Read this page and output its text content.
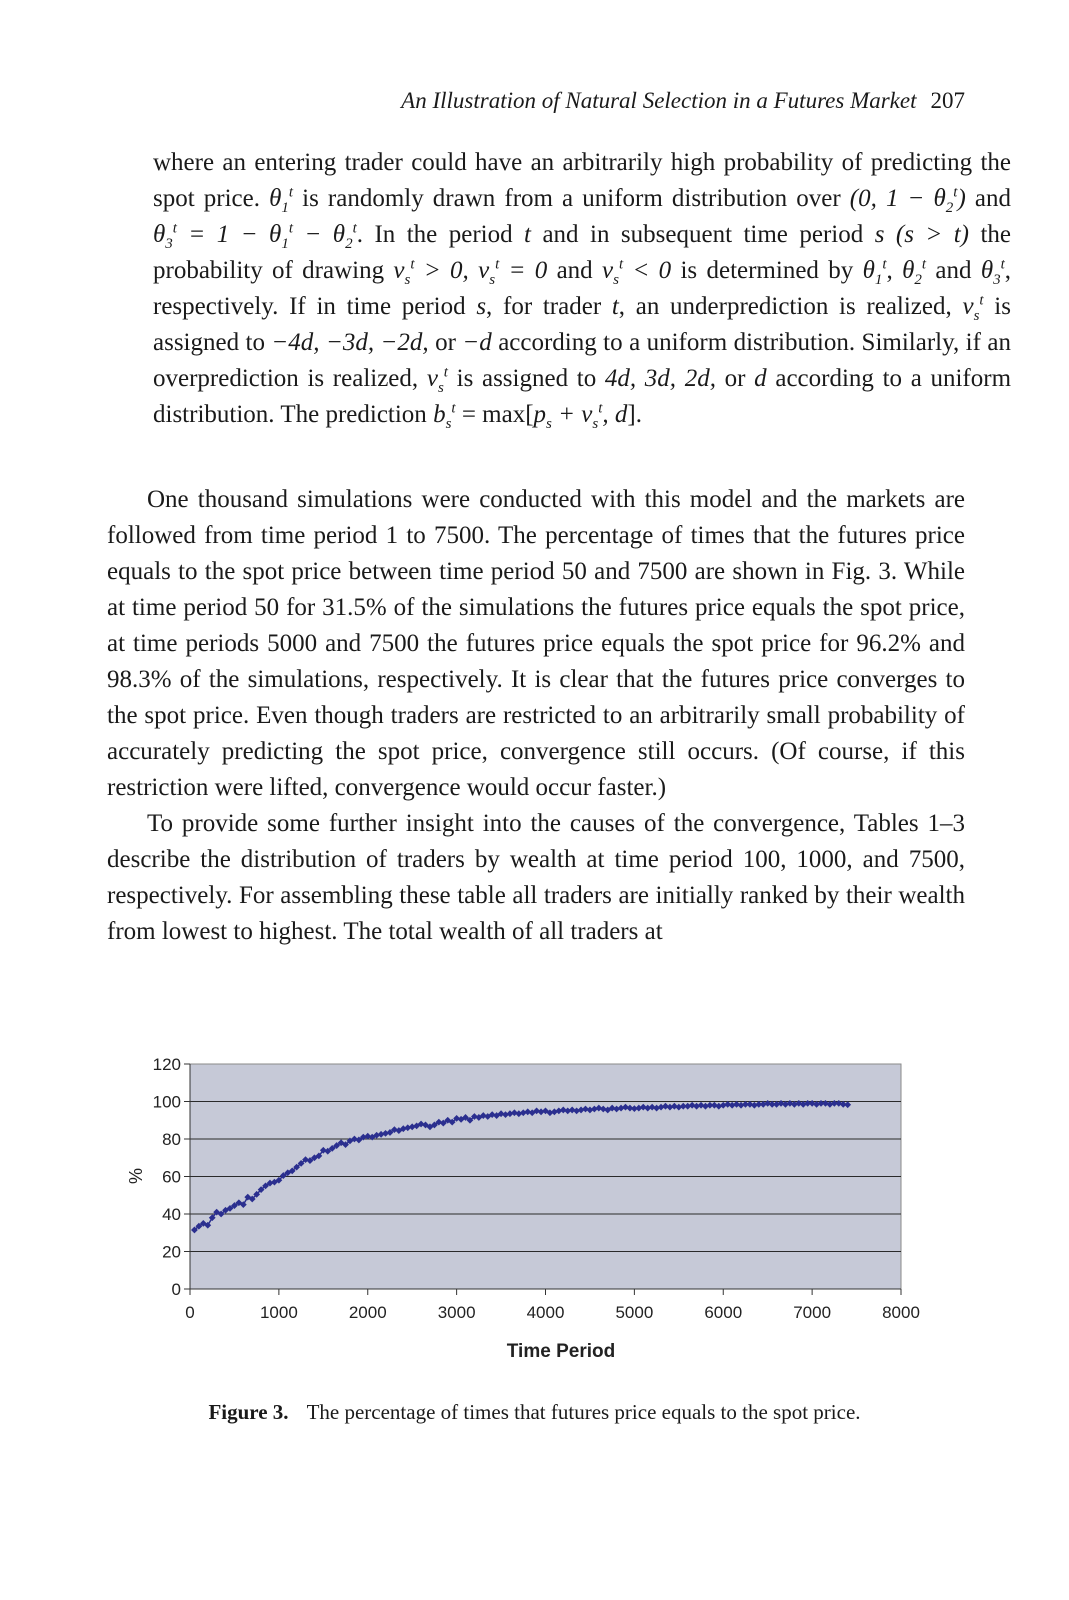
An Illustration of Natural Selection in a Futures Market 207

where an entering trader could have an arbitrarily high probability of predicting the spot price. $\theta_1^t$ is randomly drawn from a uniform distribution over (0, $1 - \theta_2^t$) and $\theta_3^t = 1 - \theta_1^t - \theta_2^t$. In the period t and in subsequent time period s (s > t) the probability of drawing $\nu_s^t > 0$, $\nu_s^t = 0$ and $\nu_s^t < 0$ is determined by $\theta_1^t$, $\theta_2^t$ and $\theta_3^t$, respectively. If in time period s, for trader t, an underprediction is realized, $\nu_s^t$ is assigned to −4d, −3d, −2d, or −d according to a uniform distribution. Similarly, if an overprediction is realized, $\nu_s^t$ is assigned to 4d, 3d, 2d, or d according to a uniform distribution. The prediction $b_s^t = \max[p_s + \nu_s^t$, d].

One thousand simulations were conducted with this model and the markets are followed from time period 1 to 7500. The percentage of times that the futures price equals to the spot price between time period 50 and 7500 are shown in Fig. 3. While at time period 50 for 31.5% of the simulations the futures price equals the spot price, at time periods 5000 and 7500 the futures price equals the spot price for 96.2% and 98.3% of the simulations, respectively. It is clear that the futures price converges to the spot price. Even though traders are restricted to an arbitrarily small probability of accurately predicting the spot price, convergence still occurs. (Of course, if this restriction were lifted, convergence would occur faster.)

To provide some further insight into the causes of the convergence, Tables 1–3 describe the distribution of traders by wealth at time period 100, 1000, and 7500, respectively. For assembling these table all traders are initially ranked by their wealth from lowest to highest. The total wealth of all traders at

0
20
40
60
80
100
120
0	1000	2000	3000	4000	5000	6000	7000	8000
%
Time Period
Figure 3. The percentage of times that futures price equals to the spot price.
